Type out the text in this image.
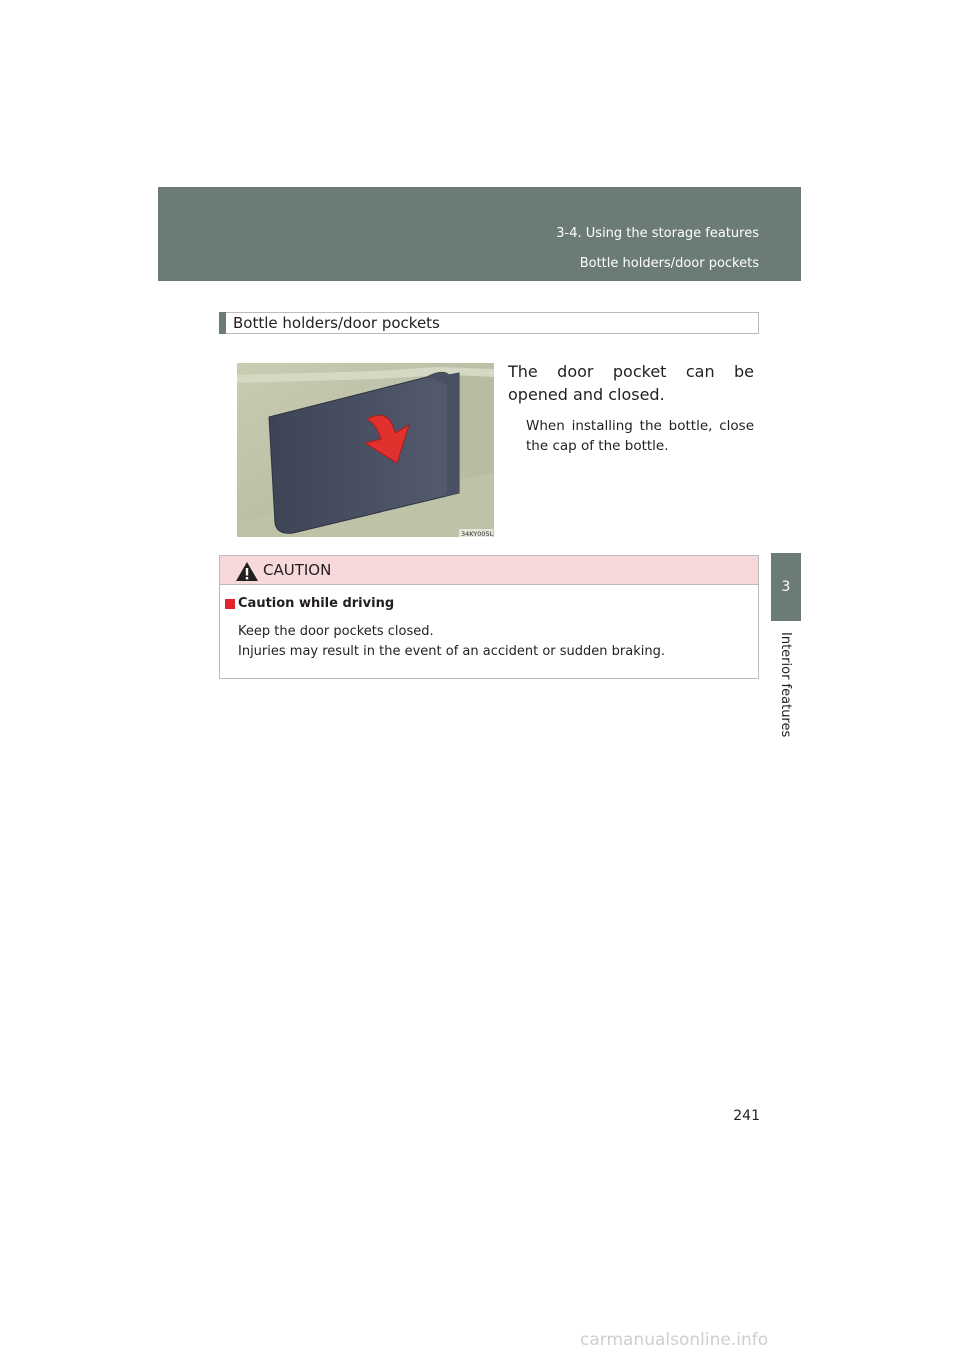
3-4. Using the storage features
Bottle holders/door pockets
3
Interior features
Bottle holders/door pockets
34KY005L
The door pocket can be opened and closed.
When installing the bottle, close the cap of the bottle.
CAUTION
Caution while driving
Keep the door pockets closed.
Injuries may result in the event of an accident or sudden braking.
241
carmanualsonline.info
